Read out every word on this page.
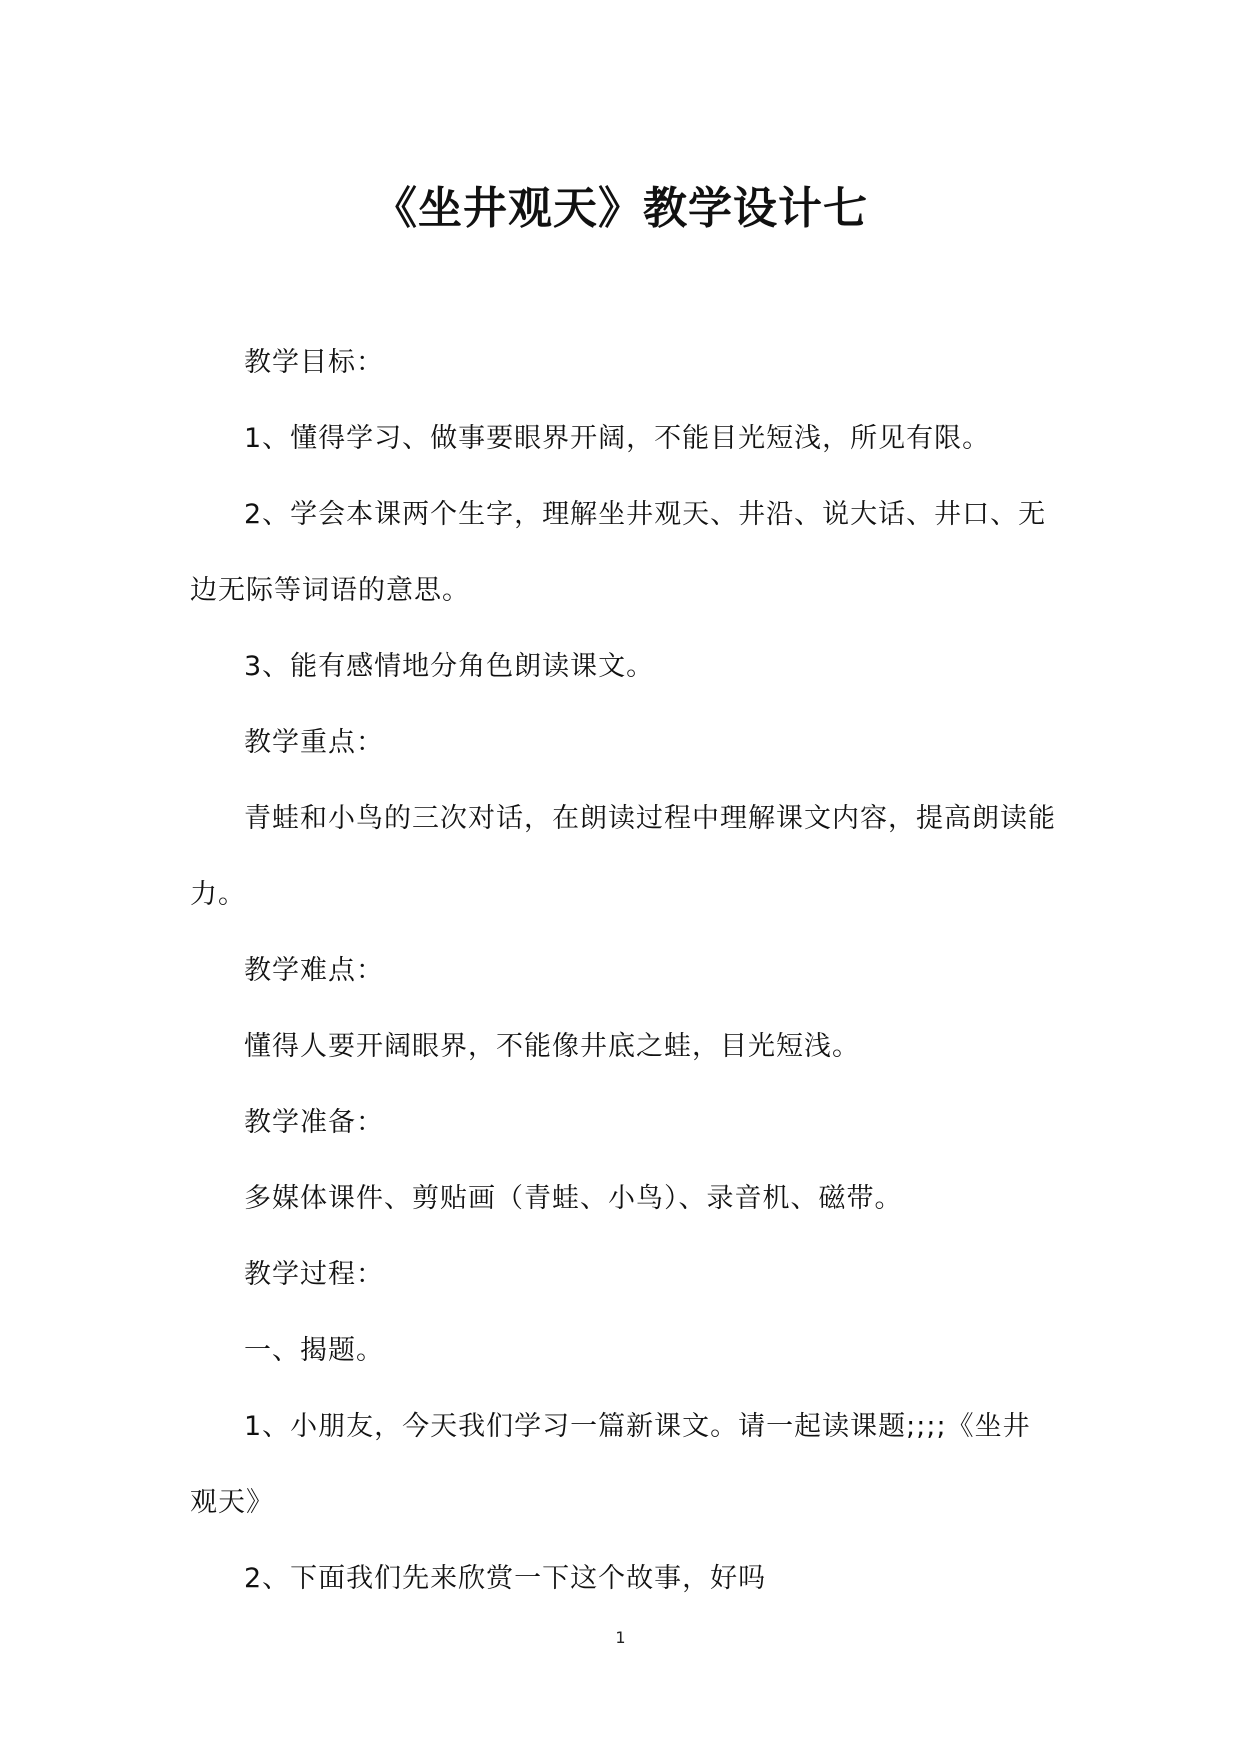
《坐井观天》教学设计七

教学目标：

1、懂得学习、做事要眼界开阔，不能目光短浅，所见有限。

2、学会本课两个生字，理解坐井观天、井沿、说大话、井口、无边无际等词语的意思。

3、能有感情地分角色朗读课文。

教学重点：

青蛙和小鸟的三次对话，在朗读过程中理解课文内容，提高朗读能力。

教学难点：

懂得人要开阔眼界，不能像井底之蛙，目光短浅。

教学准备：

多媒体课件、剪贴画（青蛙、小鸟）、录音机、磁带。

教学过程：

一、揭题。

1、小朋友，今天我们学习一篇新课文。请一起读课题;;;;《坐井观天》

2、下面我们先来欣赏一下这个故事，好吗

1
